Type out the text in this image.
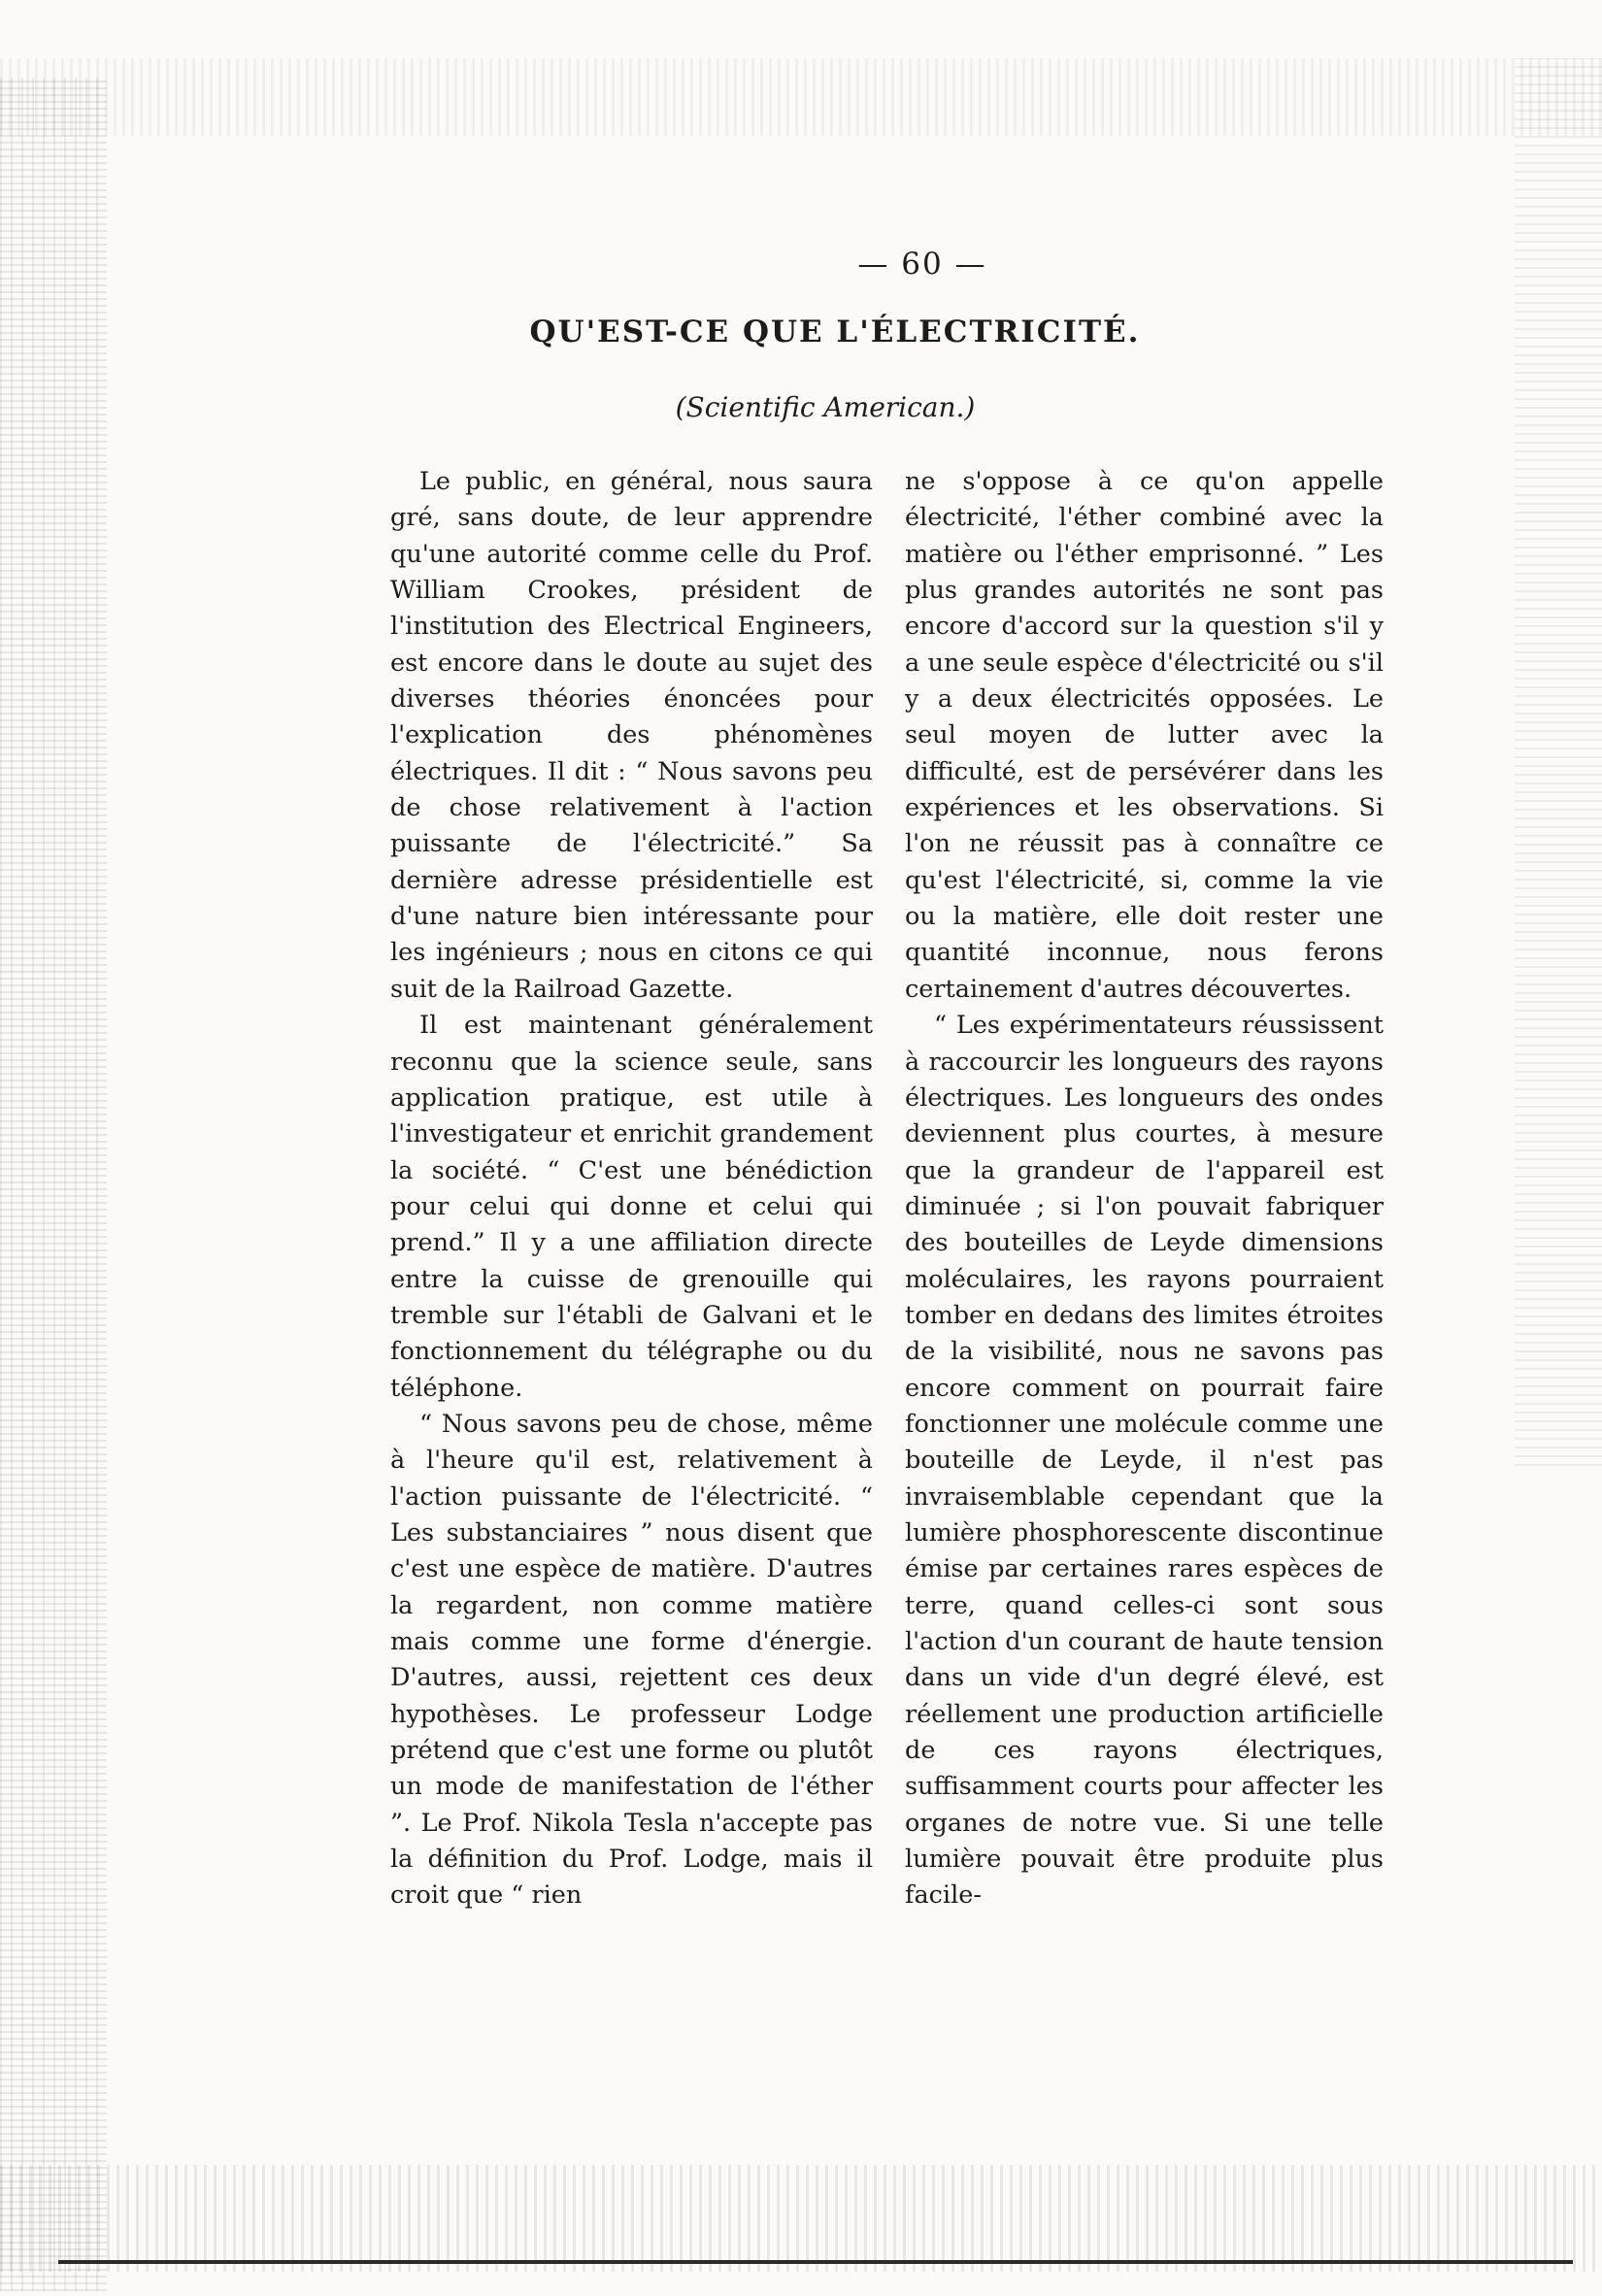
— 60 —
QU'EST-CE QUE L'ÉLECTRICITÉ.
(Scientific American.)

Le public, en général, nous saura gré, sans doute, de leur apprendre qu'une autorité comme celle du Prof. William Crookes, président de l'institution des Electrical Engineers, est encore dans le doute au sujet des diverses théories énoncées pour l'explication des phénomènes électriques. Il dit : “ Nous savons peu de chose relativement à l'action puissante de l'électricité.” Sa dernière adresse présidentielle est d'une nature bien intéressante pour les ingénieurs ; nous en citons ce qui suit de la Railroad Gazette.

Il est maintenant généralement reconnu que la science seule, sans application pratique, est utile à l'investigateur et enrichit grandement la société. “ C'est une bénédiction pour celui qui donne et celui qui prend.” Il y a une affiliation directe entre la cuisse de grenouille qui tremble sur l'établi de Galvani et le fonctionnement du télégraphe ou du téléphone.

“ Nous savons peu de chose, même à l'heure qu'il est, relativement à l'action puissante de l'électricité. “ Les substanciaires ” nous disent que c'est une espèce de matière. D'autres la regardent, non comme matière mais comme une forme d'énergie. D'autres, aussi, rejettent ces deux hypothèses. Le professeur Lodge prétend que c'est une forme ou plutôt un mode de manifestation de l'éther ”. Le Prof. Nikola Tesla n'accepte pas la définition du Prof. Lodge, mais il croit que “ rien

ne s'oppose à ce qu'on appelle électricité, l'éther combiné avec la matière ou l'éther emprisonné. ” Les plus grandes autorités ne sont pas encore d'accord sur la question s'il y a une seule espèce d'électricité ou s'il y a deux électricités opposées. Le seul moyen de lutter avec la difficulté, est de persévérer dans les expériences et les observations. Si l'on ne réussit pas à connaître ce qu'est l'électricité, si, comme la vie ou la matière, elle doit rester une quantité inconnue, nous ferons certainement d'autres découvertes.

“ Les expérimentateurs réussissent à raccourcir les longueurs des rayons électriques. Les longueurs des ondes deviennent plus courtes, à mesure que la grandeur de l'appareil est diminuée ; si l'on pouvait fabriquer des bouteilles de Leyde dimensions moléculaires, les rayons pourraient tomber en dedans des limites étroites de la visibilité, nous ne savons pas encore comment on pourrait faire fonctionner une molécule comme une bouteille de Leyde, il n'est pas invraisemblable cependant que la lumière phosphorescente discontinue émise par certaines rares espèces de terre, quand celles-ci sont sous l'action d'un courant de haute tension dans un vide d'un degré élevé, est réellement une production artificielle de ces rayons électriques, suffisamment courts pour affecter les organes de notre vue. Si une telle lumière pouvait être produite plus facile-
